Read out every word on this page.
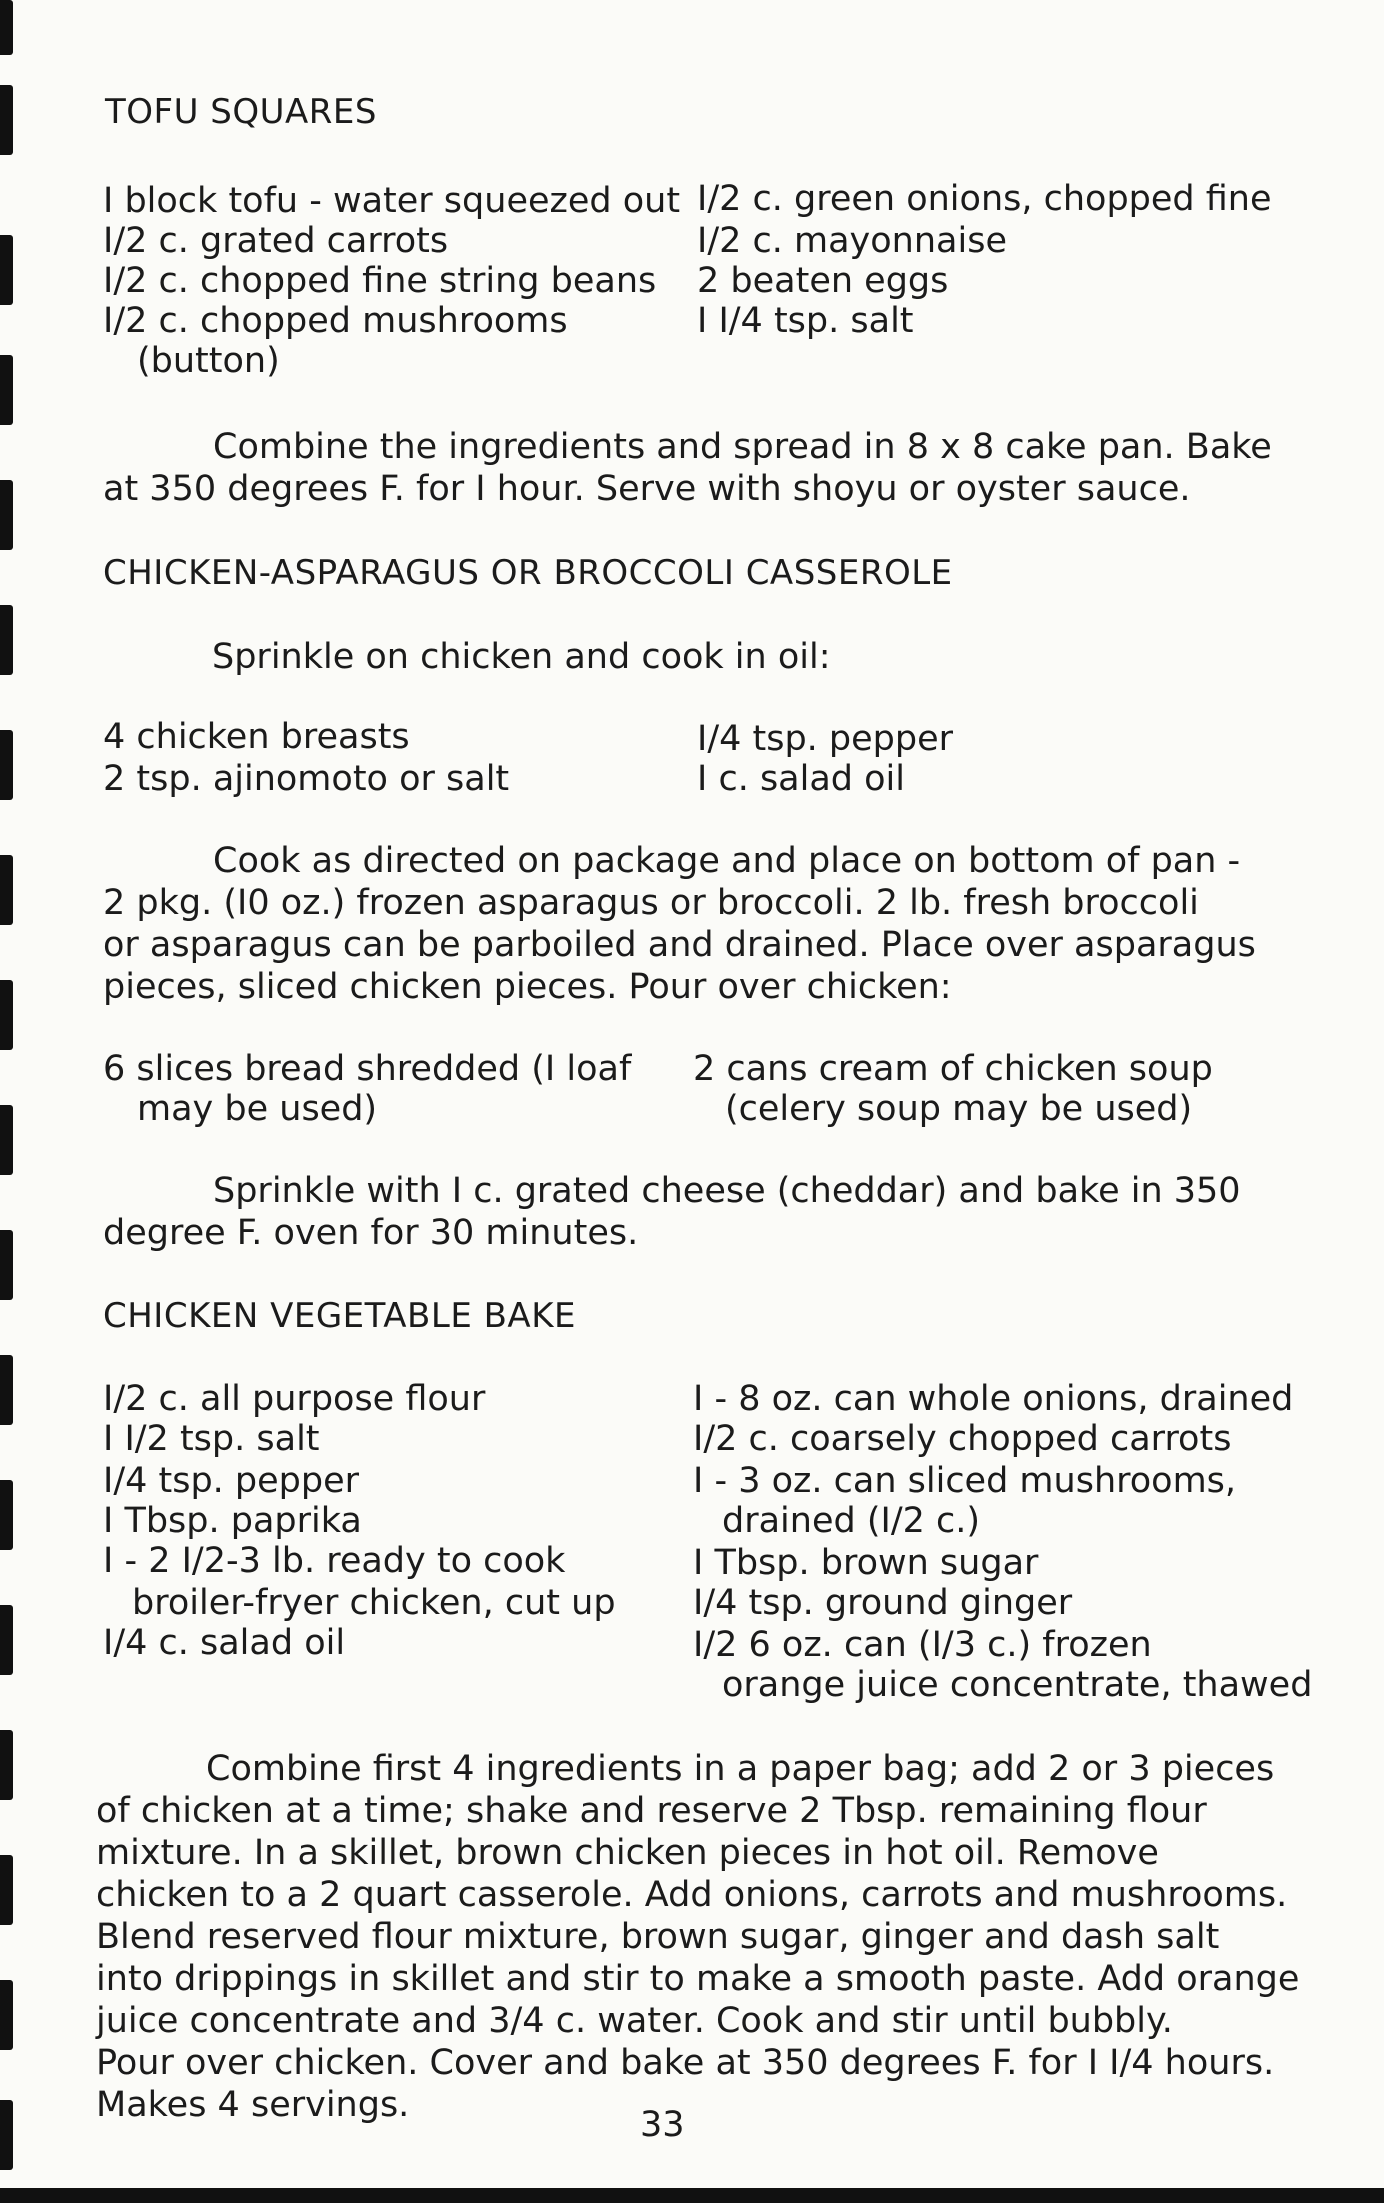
TOFU SQUARES
I block tofu - water squeezed out
I/2 c. grated carrots
I/2 c. chopped fine string beans
I/2 c. chopped mushrooms
(button)
I/2 c. green onions, chopped fine
I/2 c. mayonnaise
2 beaten eggs
I I/4 tsp. salt
Combine the ingredients and spread in 8 x 8 cake pan. Bake
at 350 degrees F. for I hour. Serve with shoyu or oyster sauce.
CHICKEN-ASPARAGUS OR BROCCOLI CASSEROLE
Sprinkle on chicken and cook in oil:
4 chicken breasts
2 tsp. ajinomoto or salt
I/4 tsp. pepper
I c. salad oil
Cook as directed on package and place on bottom of pan -
2 pkg. (I0 oz.) frozen asparagus or broccoli. 2 lb. fresh broccoli
or asparagus can be parboiled and drained. Place over asparagus
pieces, sliced chicken pieces. Pour over chicken:
6 slices bread shredded (I loaf
may be used)
2 cans cream of chicken soup
(celery soup may be used)
Sprinkle with I c. grated cheese (cheddar) and bake in 350
degree F. oven for 30 minutes.
CHICKEN VEGETABLE BAKE
I/2 c. all purpose flour
I I/2 tsp. salt
I/4 tsp. pepper
I Tbsp. paprika
I - 2 I/2-3 lb. ready to cook
broiler-fryer chicken, cut up
I/4 c. salad oil
I - 8 oz. can whole onions, drained
I/2 c. coarsely chopped carrots
I - 3 oz. can sliced mushrooms,
drained (I/2 c.)
I Tbsp. brown sugar
I/4 tsp. ground ginger
I/2 6 oz. can (I/3 c.) frozen
orange juice concentrate, thawed
Combine first 4 ingredients in a paper bag; add 2 or 3 pieces
of chicken at a time; shake and reserve 2 Tbsp. remaining flour
mixture. In a skillet, brown chicken pieces in hot oil. Remove
chicken to a 2 quart casserole. Add onions, carrots and mushrooms.
Blend reserved flour mixture, brown sugar, ginger and dash salt
into drippings in skillet and stir to make a smooth paste. Add orange
juice concentrate and 3/4 c. water. Cook and stir until bubbly.
Pour over chicken. Cover and bake at 350 degrees F. for I I/4 hours.
Makes 4 servings.	33
